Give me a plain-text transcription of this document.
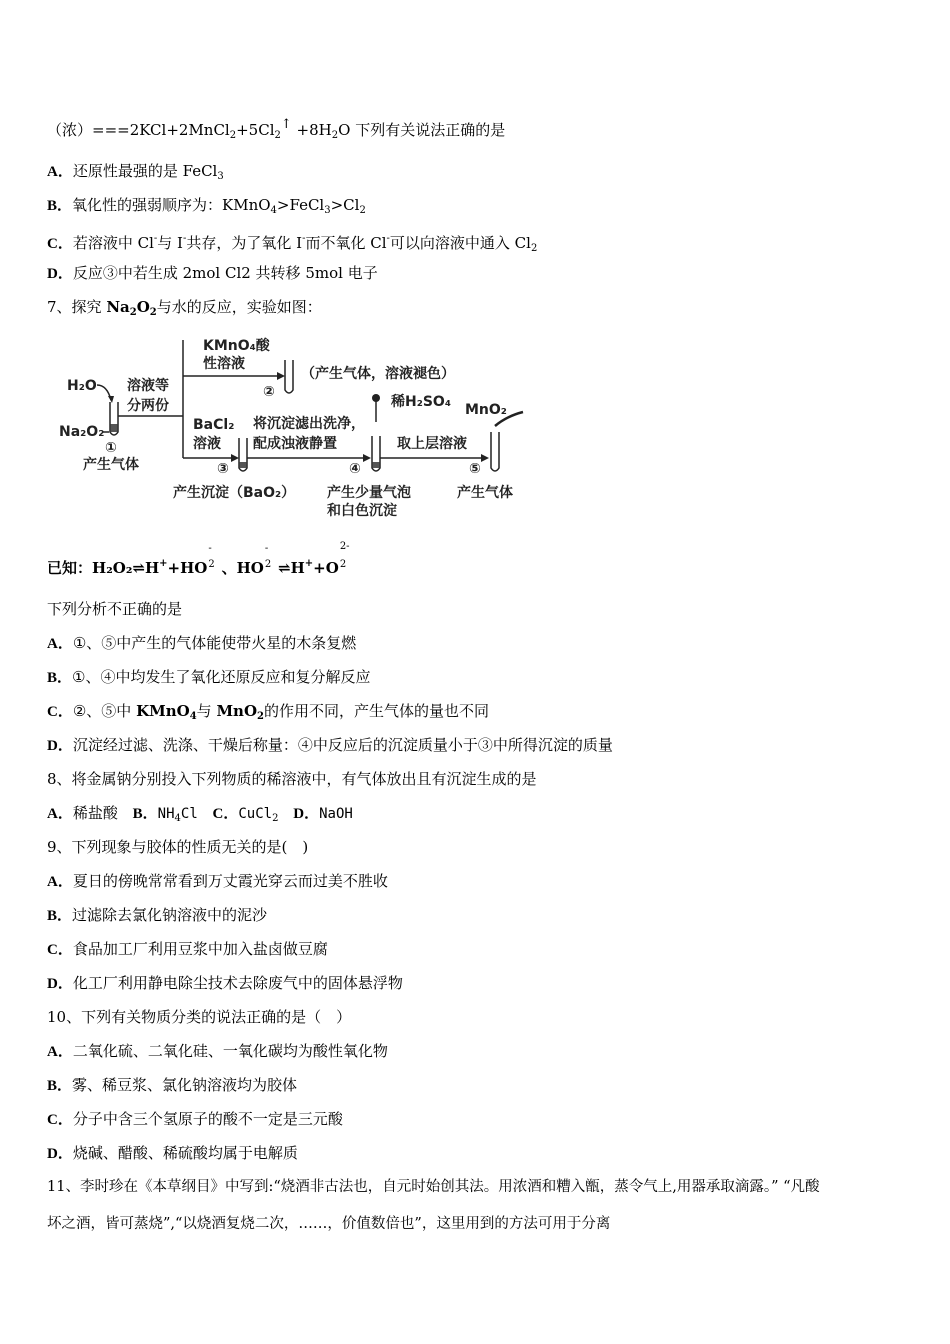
（浓）$===2KCl+2MnCl_2+5Cl_2↑ +8H_2O$ 下列有关说法正确的是
A．还原性最强的是 FeCl$_3$
B．氧化性的强弱顺序为：$KMnO_4>FeCl_3>Cl_2$
C．若溶液中 Cl-与 I-共存，为了氧化 I-而不氧化 Cl-可以向溶液中通入 $Cl_2$
D．反应③中若生成 2mol Cl2 共转移 5mol 电子
7、探究 $Na_2O_2$与水的反应，实验如图：
H₂O
Na₂O₂
①
产生气体
溶液等
分两份
KMnO₄酸
性溶液
②
（产生气体，溶液褪色）
BaCl₂
溶液
③
产生沉淀（BaO₂）
将沉淀滤出洗净，
配成浊液静置
稀H₂SO₄
④
产生少量气泡
和白色沉淀
取上层溶液
MnO₂
⑤
产生气体
已知：H₂O₂⇌H++HO
-
2 、HO
-
2 ⇌H++O
2-
2
下列分析不正确的是
A．①、⑤中产生的气体能使带火星的木条复燃
B．①、④中均发生了氧化还原反应和复分解反应
C．②、⑤中 KMnO$_4$与 MnO$_2$的作用不同，产生气体的量也不同
D．沉淀经过滤、洗涤、干燥后称量：④中反应后的沉淀质量小于③中所得沉淀的质量
8、将金属钠分别投入下列物质的稀溶液中，有气体放出且有沉淀生成的是
A．稀盐酸 B．$NH_4Cl$ C．CuCl$_2$ D．NaOH
9、下列现象与胶体的性质无关的是(　)
A．夏日的傍晚常常看到万丈霞光穿云而过美不胜收
B．过滤除去氯化钠溶液中的泥沙
C．食品加工厂利用豆浆中加入盐卤做豆腐
D．化工厂利用静电除尘技术去除废气中的固体悬浮物
10、下列有关物质分类的说法正确的是（　）
A．二氧化硫、二氧化硅、一氧化碳均为酸性氧化物
B．雾、稀豆浆、氯化钠溶液均为胶体
C．分子中含三个氢原子的酸不一定是三元酸
D．烧碱、醋酸、稀硫酸均属于电解质
11、李时珍在《本草纲目》中写到:“烧酒非古法也，自元时始创其法。用浓酒和糟入甑，蒸令气上,用器承取滴露。” “凡酸
坏之酒，皆可蒸烧”,“以烧酒复烧二次，……，价值数倍也”，这里用到的方法可用于分离
